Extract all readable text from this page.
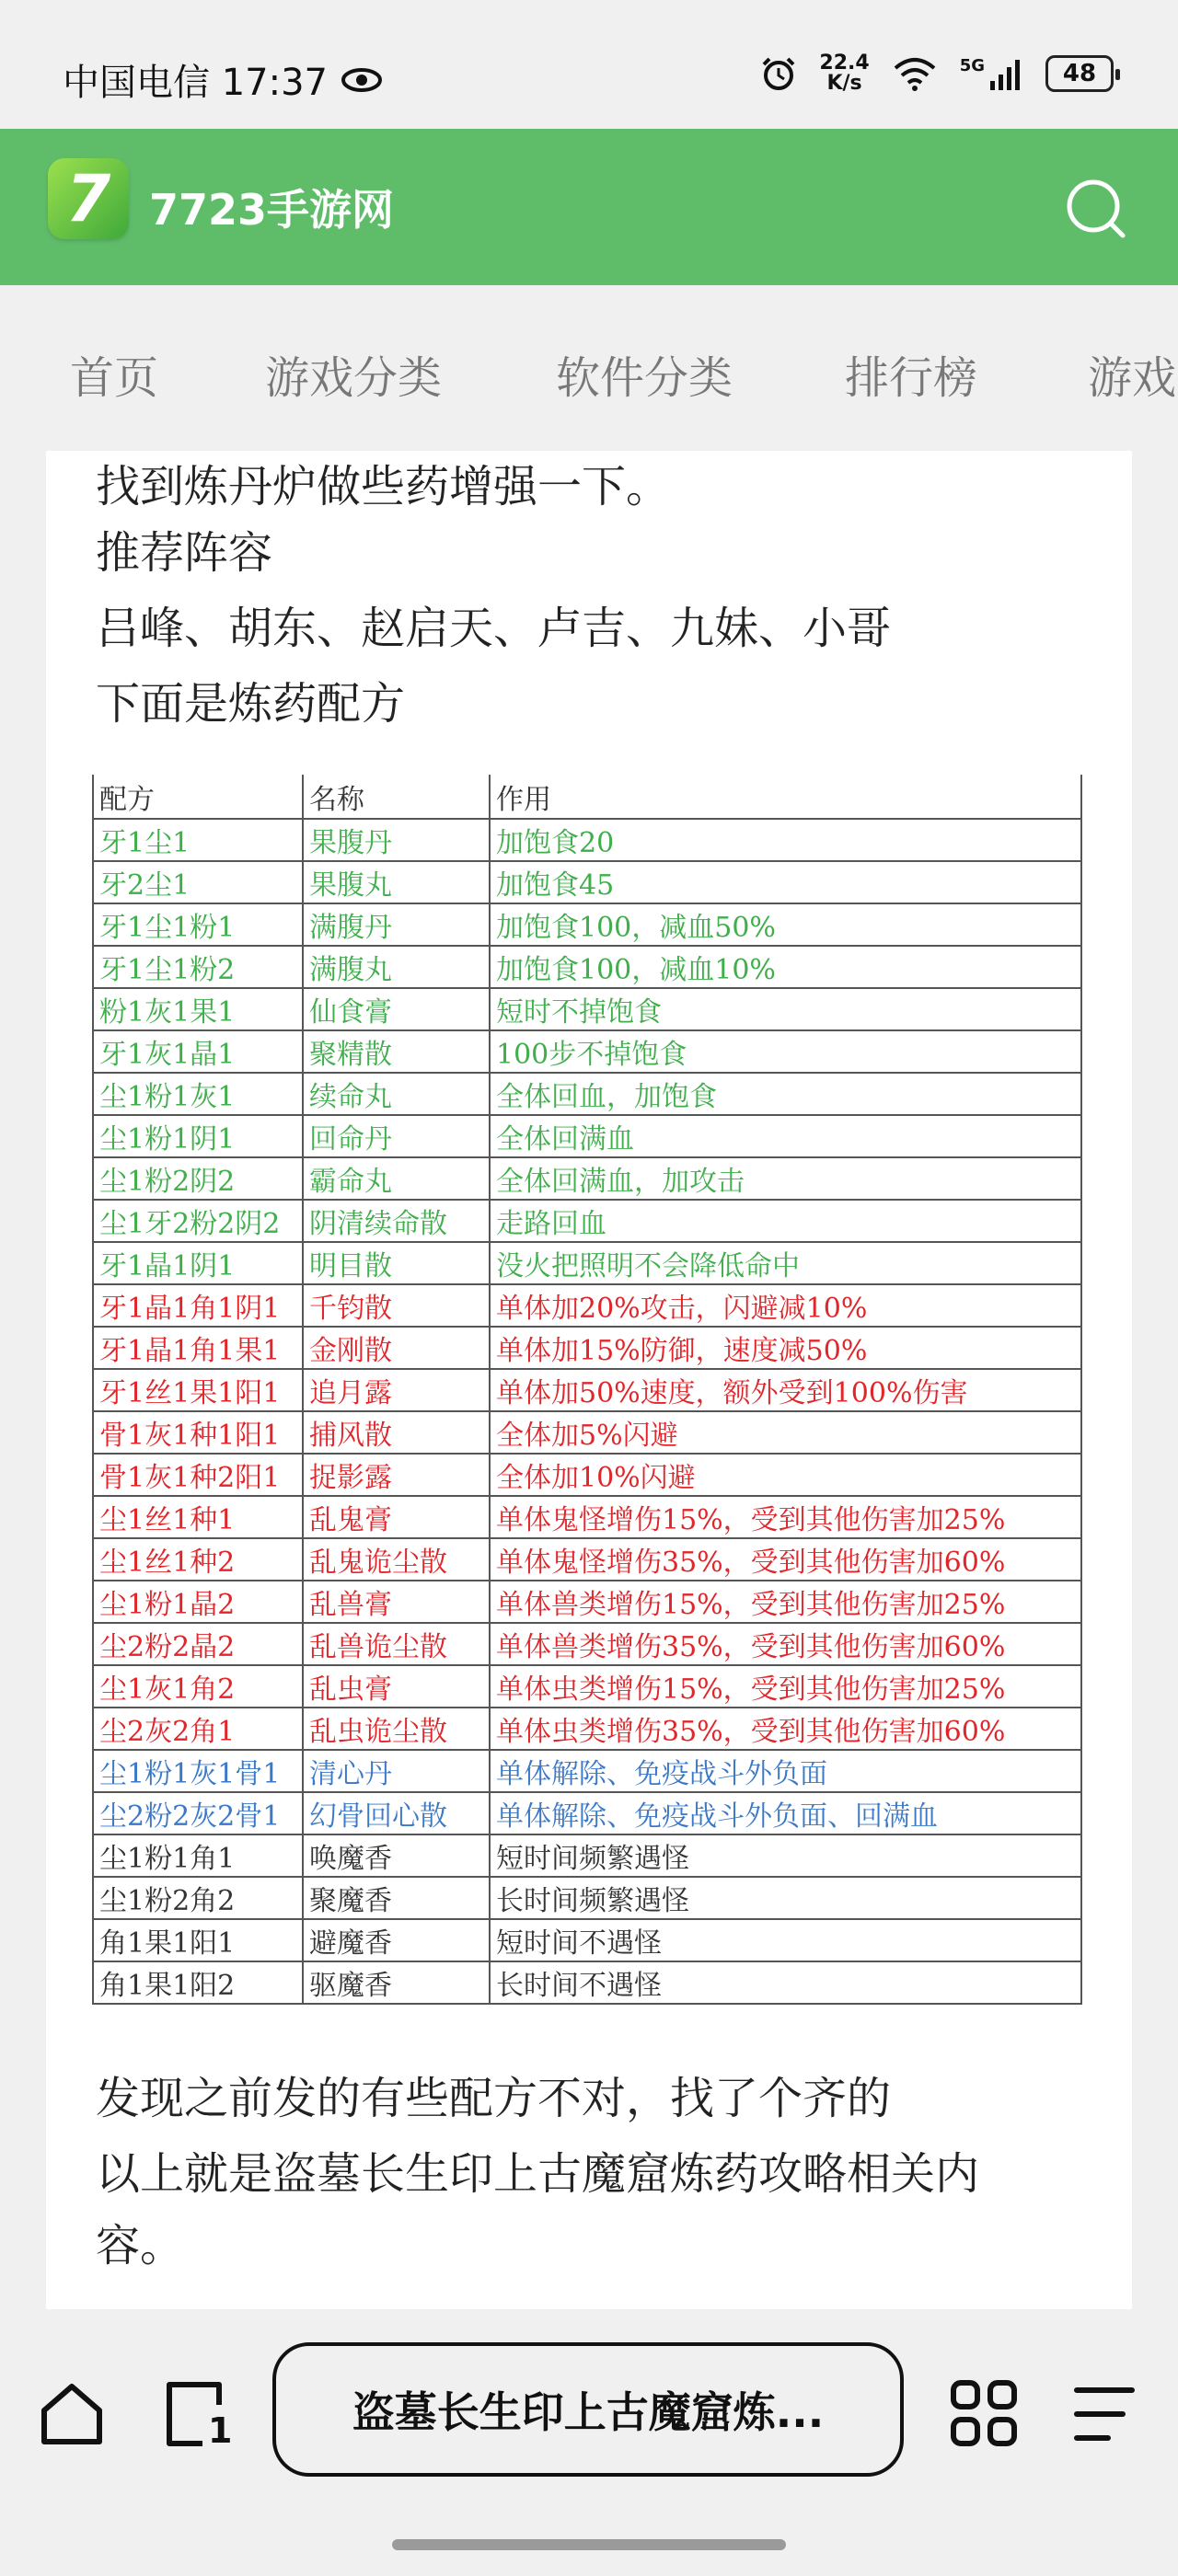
中国电信 17:37	22.4
K/s
5G	48
7 7723手游网
首页 游戏分类	软件分类	排行榜 游戏
找到炼丹炉做些药增强一下。
推荐阵容
吕峰、胡东、赵启天、卢吉、九妹、小哥
下面是炼药配方
配方	名称	作用
牙1尘1	果腹丹	加饱食20
牙2尘1	果腹丸	加饱食45
牙1尘1粉1	满腹丹	加饱食100，减血50%
牙1尘1粉2	满腹丸	加饱食100，减血10%
粉1灰1果1	仙食膏	短时不掉饱食
牙1灰1晶1	聚精散	100步不掉饱食
尘1粉1灰1	续命丸	全体回血，加饱食
尘1粉1阴1	回命丹	全体回满血
尘1粉2阴2	霸命丸	全体回满血，加攻击
尘1牙2粉2阴2	阴清续命散	走路回血
牙1晶1阴1	明目散	没火把照明不会降低命中
牙1晶1角1阴1	千钧散	单体加20%攻击，闪避减10%
牙1晶1角1果1	金刚散	单体加15%防御，速度减50%
牙1丝1果1阳1	追月露	单体加50%速度，额外受到100%伤害
骨1灰1种1阳1	捕风散	全体加5%闪避
骨1灰1种2阳1	捉影露	全体加10%闪避
尘1丝1种1	乱鬼膏	单体鬼怪增伤15%，受到其他伤害加25%
尘1丝1种2	乱鬼诡尘散	单体鬼怪增伤35%，受到其他伤害加60%
尘1粉1晶2	乱兽膏	单体兽类增伤15%，受到其他伤害加25%
尘2粉2晶2	乱兽诡尘散	单体兽类增伤35%，受到其他伤害加60%
尘1灰1角2	乱虫膏	单体虫类增伤15%，受到其他伤害加25%
尘2灰2角1	乱虫诡尘散	单体虫类增伤35%，受到其他伤害加60%
尘1粉1灰1骨1	清心丹	单体解除、免疫战斗外负面
尘2粉2灰2骨1	幻骨回心散	单体解除、免疫战斗外负面、回满血
尘1粉1角1	唤魔香	短时间频繁遇怪
尘1粉2角2	聚魔香	长时间频繁遇怪
角1果1阳1	避魔香	短时间不遇怪
角1果1阳2	驱魔香	长时间不遇怪
发现之前发的有些配方不对，找了个齐的
以上就是盗墓长生印上古魔窟炼药攻略相关内
容。
1	盗墓长生印上古魔窟炼...
